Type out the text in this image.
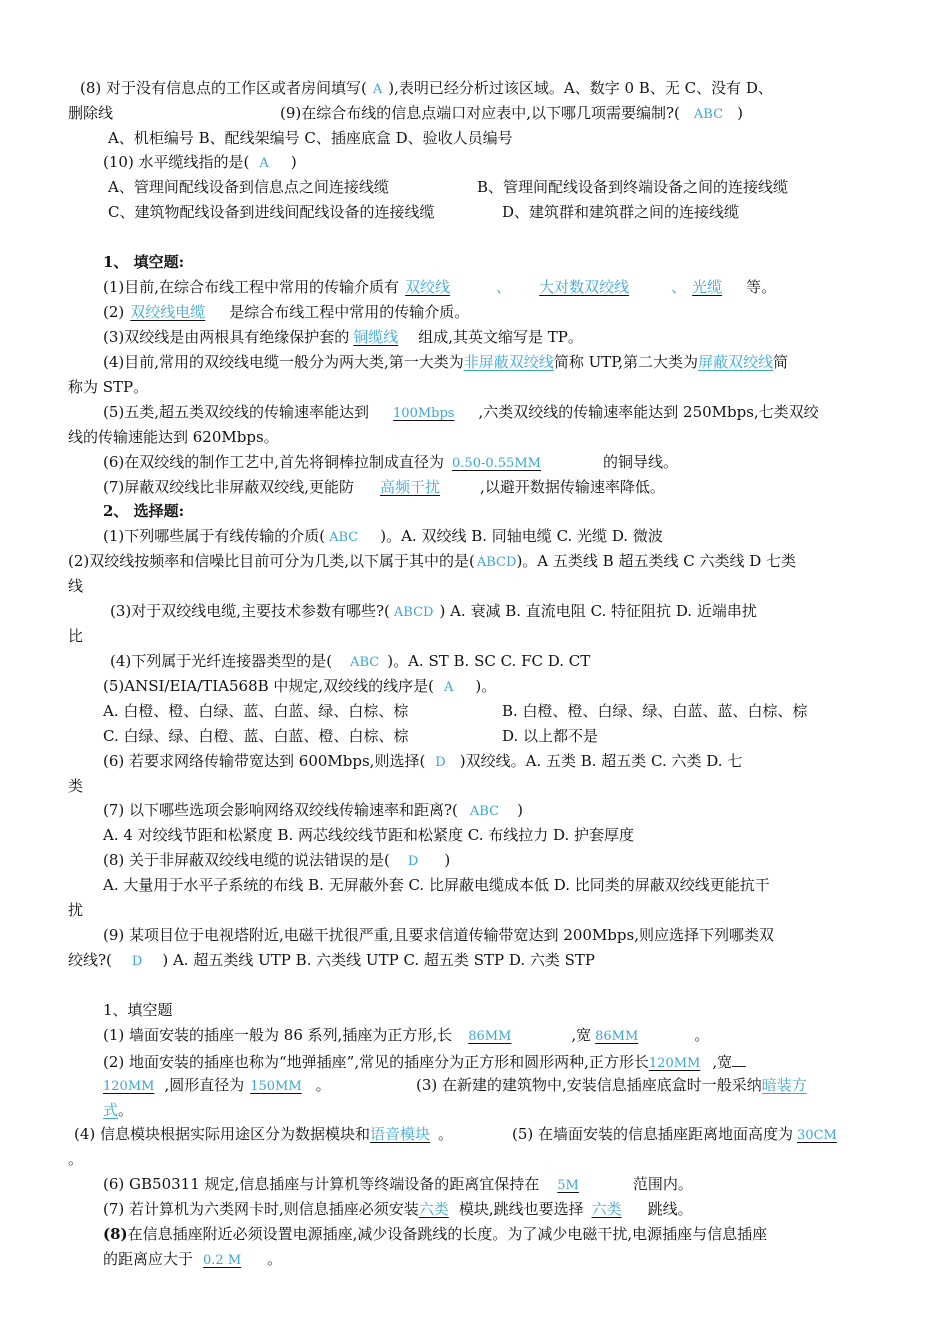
(8) 对于没有信息点的工作区或者房间填写( A ),表明已经分析过该区域。A、数字 0 B、无 C、没有 D、
删除线	(9)在综合布线的信息点端口对应表中,以下哪几项需要编制?( ABC )
A、机柜编号 B、配线架编号 C、插座底盒 D、验收人员编号
(10) 水平缆线指的是( A )
A、管理间配线设备到信息点之间连接线缆	B、管理间配线设备到终端设备之间的连接线缆
C、建筑物配线设备到进线间配线设备的连接线缆	D、建筑群和建筑群之间的连接线缆
1、 填空题:
(1)目前,在综合布线工程中常用的传输介质有 双绞线	、 大对数双绞线	、 光缆 等。
(2) 双绞线电缆 是综合布线工程中常用的传输介质。
(3)双绞线是由两根具有绝缘保护套的 铜缆线 组成,其英文缩写是 TP。
(4)目前,常用的双绞线电缆一般分为两大类,第一大类为非屏蔽双绞线简称 UTP,第二大类为屏蔽双绞线简
称为 STP。
(5)五类,超五类双绞线的传输速率能达到 100Mbps ,六类双绞线的传输速率能达到 250Mbps,七类双绞
线的传输速能达到 620Mbps。
(6)在双绞线的制作工艺中,首先将铜棒拉制成直径为 0.50-0.55MM	的铜导线。
(7)屏蔽双绞线比非屏蔽双绞线,更能防 高频干扰	,以避开数据传输速率降低。
2、 选择题:
(1)下列哪些属于有线传输的介质( ABC )。A. 双绞线 B. 同轴电缆 C. 光缆 D. 微波
(2)双绞线按频率和信噪比目前可分为几类,以下属于其中的是( ABCD)。A 五类线 B 超五类线 C 六类线 D 七类
线
(3)对于双绞线电缆,主要技术参数有哪些?( ABCD ) A. 衰减 B. 直流电阻 C. 特征阻抗 D. 近端串扰
比
(4)下列属于光纤连接器类型的是( ABC )。A. ST B. SC C. FC D. CT
(5)ANSI/EIA/TIA568B 中规定,双绞线的线序是( A )。
A. 白橙、橙、白绿、蓝、白蓝、绿、白棕、棕	B. 白橙、橙、白绿、绿、白蓝、蓝、白棕、棕
C. 白绿、绿、白橙、蓝、白蓝、橙、白棕、棕	D. 以上都不是
(6) 若要求网络传输带宽达到 600Mbps,则选择( D )双绞线。A. 五类 B. 超五类 C. 六类 D. 七
类
(7) 以下哪些选项会影响网络双绞线传输速率和距离?( ABC )
A. 4 对绞线节距和松紧度 B. 两芯线绞线节距和松紧度 C. 布线拉力 D. 护套厚度
(8) 关于非屏蔽双绞线电缆的说法错误的是( D )
A. 大量用于水平子系统的布线 B. 无屏蔽外套 C. 比屏蔽电缆成本低 D. 比同类的屏蔽双绞线更能抗干
扰
(9) 某项目位于电视塔附近,电磁干扰很严重,且要求信道传输带宽达到 200Mbps,则应选择下列哪类双
绞线?( D ) A. 超五类线 UTP B. 六类线 UTP C. 超五类 STP D. 六类 STP
1、填空题
(1) 墙面安装的插座一般为 86 系列,插座为正方形,长 86MM	,宽 86MM	。
(2) 地面安装的插座也称为“地弹插座”,常见的插座分为正方形和圆形两种,正方形长120MM ,宽
120MM ,圆形直径为 150MM 。	(3) 在新建的建筑物中,安装信息插座底盒时一般采纳暗装方
式。
(4) 信息模块根据实际用途区分为数据模块和语音模块 。	(5) 在墙面安装的信息插座距离地面高度为 30CM
。
(6) GB50311 规定,信息插座与计算机等终端设备的距离宜保持在 5M	范围内。
(7) 若计算机为六类网卡时,则信息插座必须安装六类 模块,跳线也要选择 六类 跳线。
(8)在信息插座附近必须设置电源插座,减少设备跳线的长度。为了减少电磁干扰,电源插座与信息插座
的距离应大于 0.2 M 。
